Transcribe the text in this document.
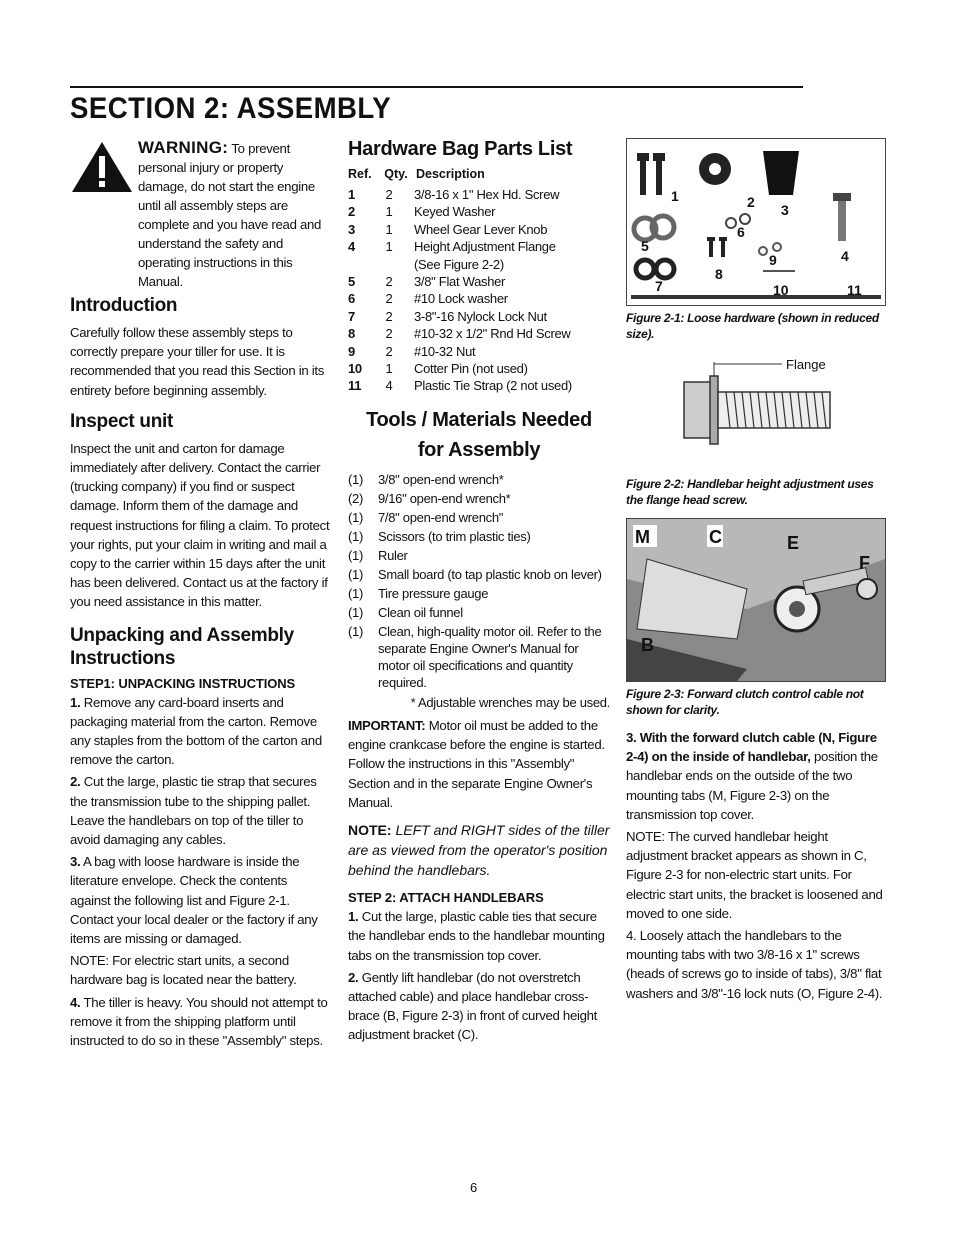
SECTION 2: ASSEMBLY
WARNING: To prevent personal injury or property damage, do not start the engine until all assembly steps are complete and you have read and understand the safety and operating instructions in this Manual.
Introduction

Carefully follow these assembly steps to correctly prepare your tiller for use. It is recommended that you read this Section in its entirety before beginning assembly.

Inspect unit

Inspect the unit and carton for damage immediately after delivery. Contact the carrier (trucking company) if you find or suspect damage. Inform them of the damage and request instructions for filing a claim. To protect your rights, put your claim in writing and mail a copy to the carrier within 15 days after the unit has been delivered. Contact us at the factory if you need assistance in this matter.

Unpacking and Assembly Instructions
STEP1: UNPACKING INSTRUCTIONS

1. Remove any card-board inserts and packaging material from the carton. Remove any staples from the bottom of the carton and remove the carton.

2. Cut the large, plastic tie strap that secures the transmission tube to the shipping pallet. Leave the handlebars on top of the tiller to avoid damaging any cables.

3. A bag with loose hardware is inside the literature envelope. Check the contents against the following list and Figure 2-1. Contact your local dealer or the factory if any items are missing or damaged.

NOTE: For electric start units, a second hardware bag is located near the battery.

4. The tiller is heavy. You should not attempt to remove it from the shipping platform until instructed to do so in these "Assembly" steps.

Hardware Bag Parts List
Ref.	Qty. Description
1	2	3/8-16 x 1" Hex Hd. Screw
2	1	Keyed Washer
3	1	Wheel Gear Lever Knob
4	1	Height Adjustment Flange
(See Figure 2-2)
5	2	3/8" Flat Washer
6	2	#10 Lock washer
7	2	3-8"-16 Nylock Lock Nut
8	2	#10-32 x 1/2" Rnd Hd Screw
9	2	#10-32 Nut
10	1	Cotter Pin (not used)
11	4	Plastic Tie Strap (2 not used)
Tools / Materials Needed
for Assembly
(1)	3/8" open-end wrench*
(2)	9/16" open-end wrench*
(1)	7/8" open-end wrench"
(1)	Scissors (to trim plastic ties)
(1)	Ruler
(1)	Small board (to tap plastic knob on lever)
(1)	Tire pressure gauge
(1)	Clean oil funnel
(1)	Clean, high-quality motor oil. Refer to the separate Engine Owner's Manual for motor oil specifications and quantity required.
* Adjustable wrenches may be used.
IMPORTANT: Motor oil must be added to the engine crankcase before the engine is started. Follow the instructions in this "Assembly" Section and in the separate Engine Owner's Manual.
NOTE: LEFT and RIGHT sides of the tiller are as viewed from the operator's position behind the handlebars.
STEP 2: ATTACH HANDLEBARS

1. Cut the large, plastic cable ties that secure the handlebar ends to the handlebar mounting tabs on the transmission top cover.

2. Gently lift handlebar (do not overstretch attached cable) and place handlebar cross-brace (B, Figure 2-3) in front of curved height adjustment bracket (C).

1	2 3
4
5
6
7
8
9
10	11
Figure 2-1: Loose hardware (shown in reduced size).
Flange
Figure 2-2: Handlebar height adjustment uses the flange head screw.
M	C	E
F
B
Figure 2-3: Forward clutch control cable not shown for clarity.

3. With the forward clutch cable (N, Figure 2-4) on the inside of handlebar, position the handlebar ends on the outside of the two mounting tabs (M, Figure 2-3) on the transmission top cover.

NOTE: The curved handlebar height adjustment bracket appears as shown in C, Figure 2-3 for non-electric start units. For electric start units, the bracket is loosened and moved to one side.

4. Loosely attach the handlebars to the mounting tabs with two 3/8-16 x 1" screws (heads of screws go to inside of tabs), 3/8" flat washers and 3/8"-16 lock nuts (O, Figure 2-4).

6
